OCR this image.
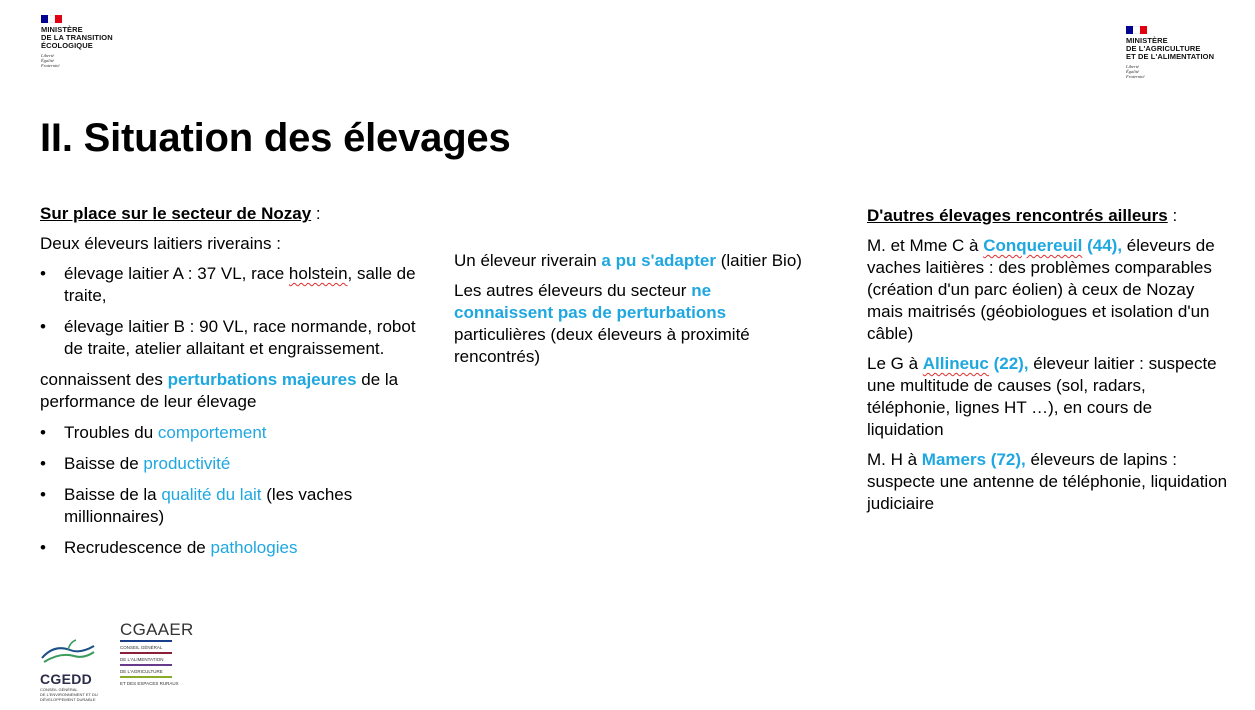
MINISTÈRE
DE LA TRANSITION
ÉCOLOGIQUE
Liberté
Égalité
Fraternité
MINISTÈRE
DE L'AGRICULTURE
ET DE L'ALIMENTATION
Liberté
Égalité
Fraternité
II. Situation des élevages

Sur place sur le secteur de Nozay :

Deux éleveurs laitiers riverains :

• élevage laitier A : 37 VL, race holstein, salle de traite,
• élevage laitier B : 90 VL, race normande, robot de traite, atelier allaitant et engraissement.

connaissent des perturbations majeures de la performance de leur élevage

• Troubles du comportement
• Baisse de productivité
• Baisse de la qualité du lait (les vaches millionnaires)
• Recrudescence de pathologies

Un éleveur riverain a pu s'adapter (laitier Bio)

Les autres éleveurs du secteur ne connaissent pas de perturbations particulières (deux éleveurs à proximité rencontrés)

D'autres élevages rencontrés ailleurs :

M. et Mme C à Conquereuil (44), éleveurs de vaches laitières : des problèmes comparables (création d'un parc éolien) à ceux de Nozay mais maitrisés (géobiologues et isolation d'un câble)

Le G à Allineuc (22), éleveur laitier : suspecte une multitude de causes (sol, radars, téléphonie, lignes HT …), en cours de liquidation

M. H à Mamers (72), éleveurs de lapins : suspecte une antenne de téléphonie, liquidation judiciaire

CGEDD
CONSEIL GÉNÉRAL
DE L'ENVIRONNEMENT ET DU
DÉVELOPPEMENT DURABLE
CGAAER
CONSEIL GÉNÉRAL
DE L'ALIMENTATION
DE L'AGRICULTURE
ET DES ESPACES RURAUX
